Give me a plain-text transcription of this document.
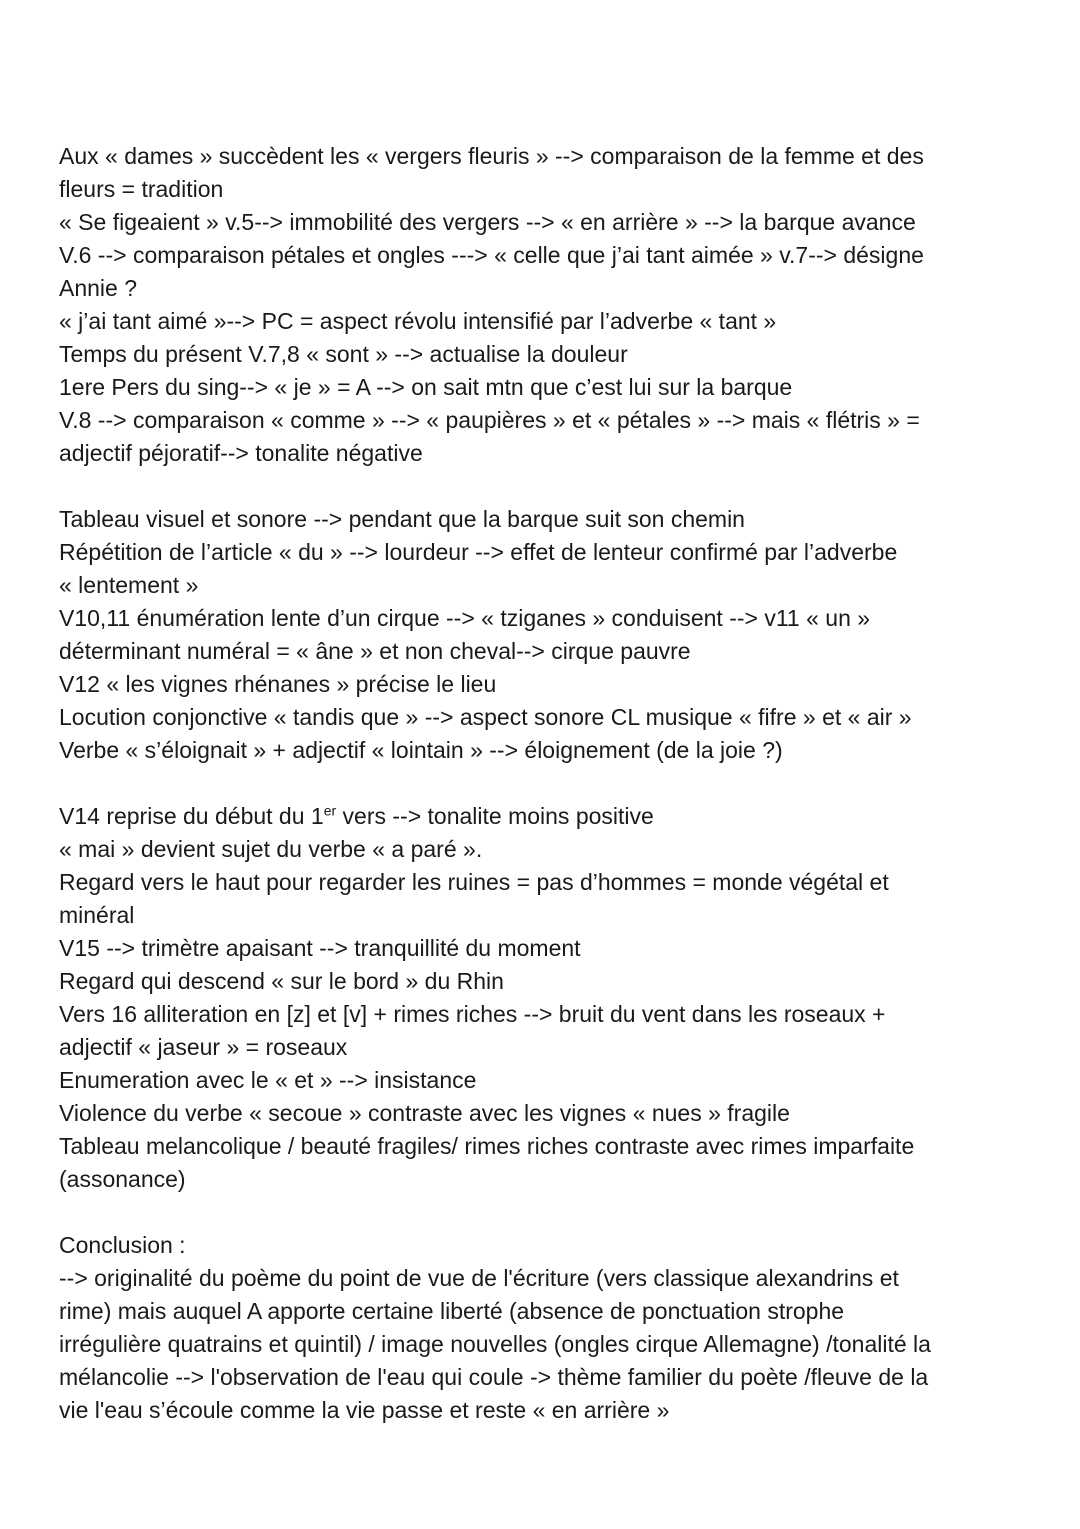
Aux « dames » succèdent les « vergers fleuris » --> comparaison de la femme et des
fleurs = tradition
« Se figeaient » v.5--> immobilité des vergers --> « en arrière » --> la barque avance
V.6 --> comparaison pétales et ongles ---> « celle que j’ai tant aimée » v.7--> désigne
Annie ?
« j’ai tant aimé »--> PC = aspect révolu intensifié par l’adverbe « tant »
Temps du présent V.7,8 « sont » --> actualise la douleur
1ere Pers du sing--> « je » = A --> on sait mtn que c’est lui sur la barque
V.8 --> comparaison « comme » --> « paupières » et « pétales » --> mais « flétris » =
adjectif péjoratif--> tonalite négative
Tableau visuel et sonore --> pendant que la barque suit son chemin
Répétition de l’article « du » --> lourdeur --> effet de lenteur confirmé par l’adverbe
« lentement »
V10,11 énumération lente d’un cirque --> « tziganes » conduisent --> v11 « un »
déterminant numéral = « âne » et non cheval--> cirque pauvre
V12 « les vignes rhénanes » précise le lieu
Locution conjonctive « tandis que » --> aspect sonore CL musique « fifre » et « air »
Verbe « s’éloignait » + adjectif « lointain » --> éloignement (de la joie ?)
V14 reprise du début du 1er vers --> tonalite moins positive
« mai » devient sujet du verbe « a paré ».
Regard vers le haut pour regarder les ruines = pas d’hommes = monde végétal et
minéral
V15 --> trimètre apaisant --> tranquillité du moment
Regard qui descend « sur le bord » du Rhin
Vers 16 alliteration en [z] et [v] + rimes riches --> bruit du vent dans les roseaux +
adjectif « jaseur » = roseaux
Enumeration avec le « et » --> insistance
Violence du verbe « secoue » contraste avec les vignes « nues » fragile
Tableau melancolique / beauté fragiles/ rimes riches contraste avec rimes imparfaite
(assonance)
Conclusion :
--> originalité du poème du point de vue de l'écriture (vers classique alexandrins et
rime) mais auquel A apporte certaine liberté (absence de ponctuation strophe
irrégulière quatrains et quintil) / image nouvelles (ongles cirque Allemagne) /tonalité la
mélancolie --> l'observation de l'eau qui coule -> thème familier du poète /fleuve de la
vie l'eau s’écoule comme la vie passe et reste « en arrière »
